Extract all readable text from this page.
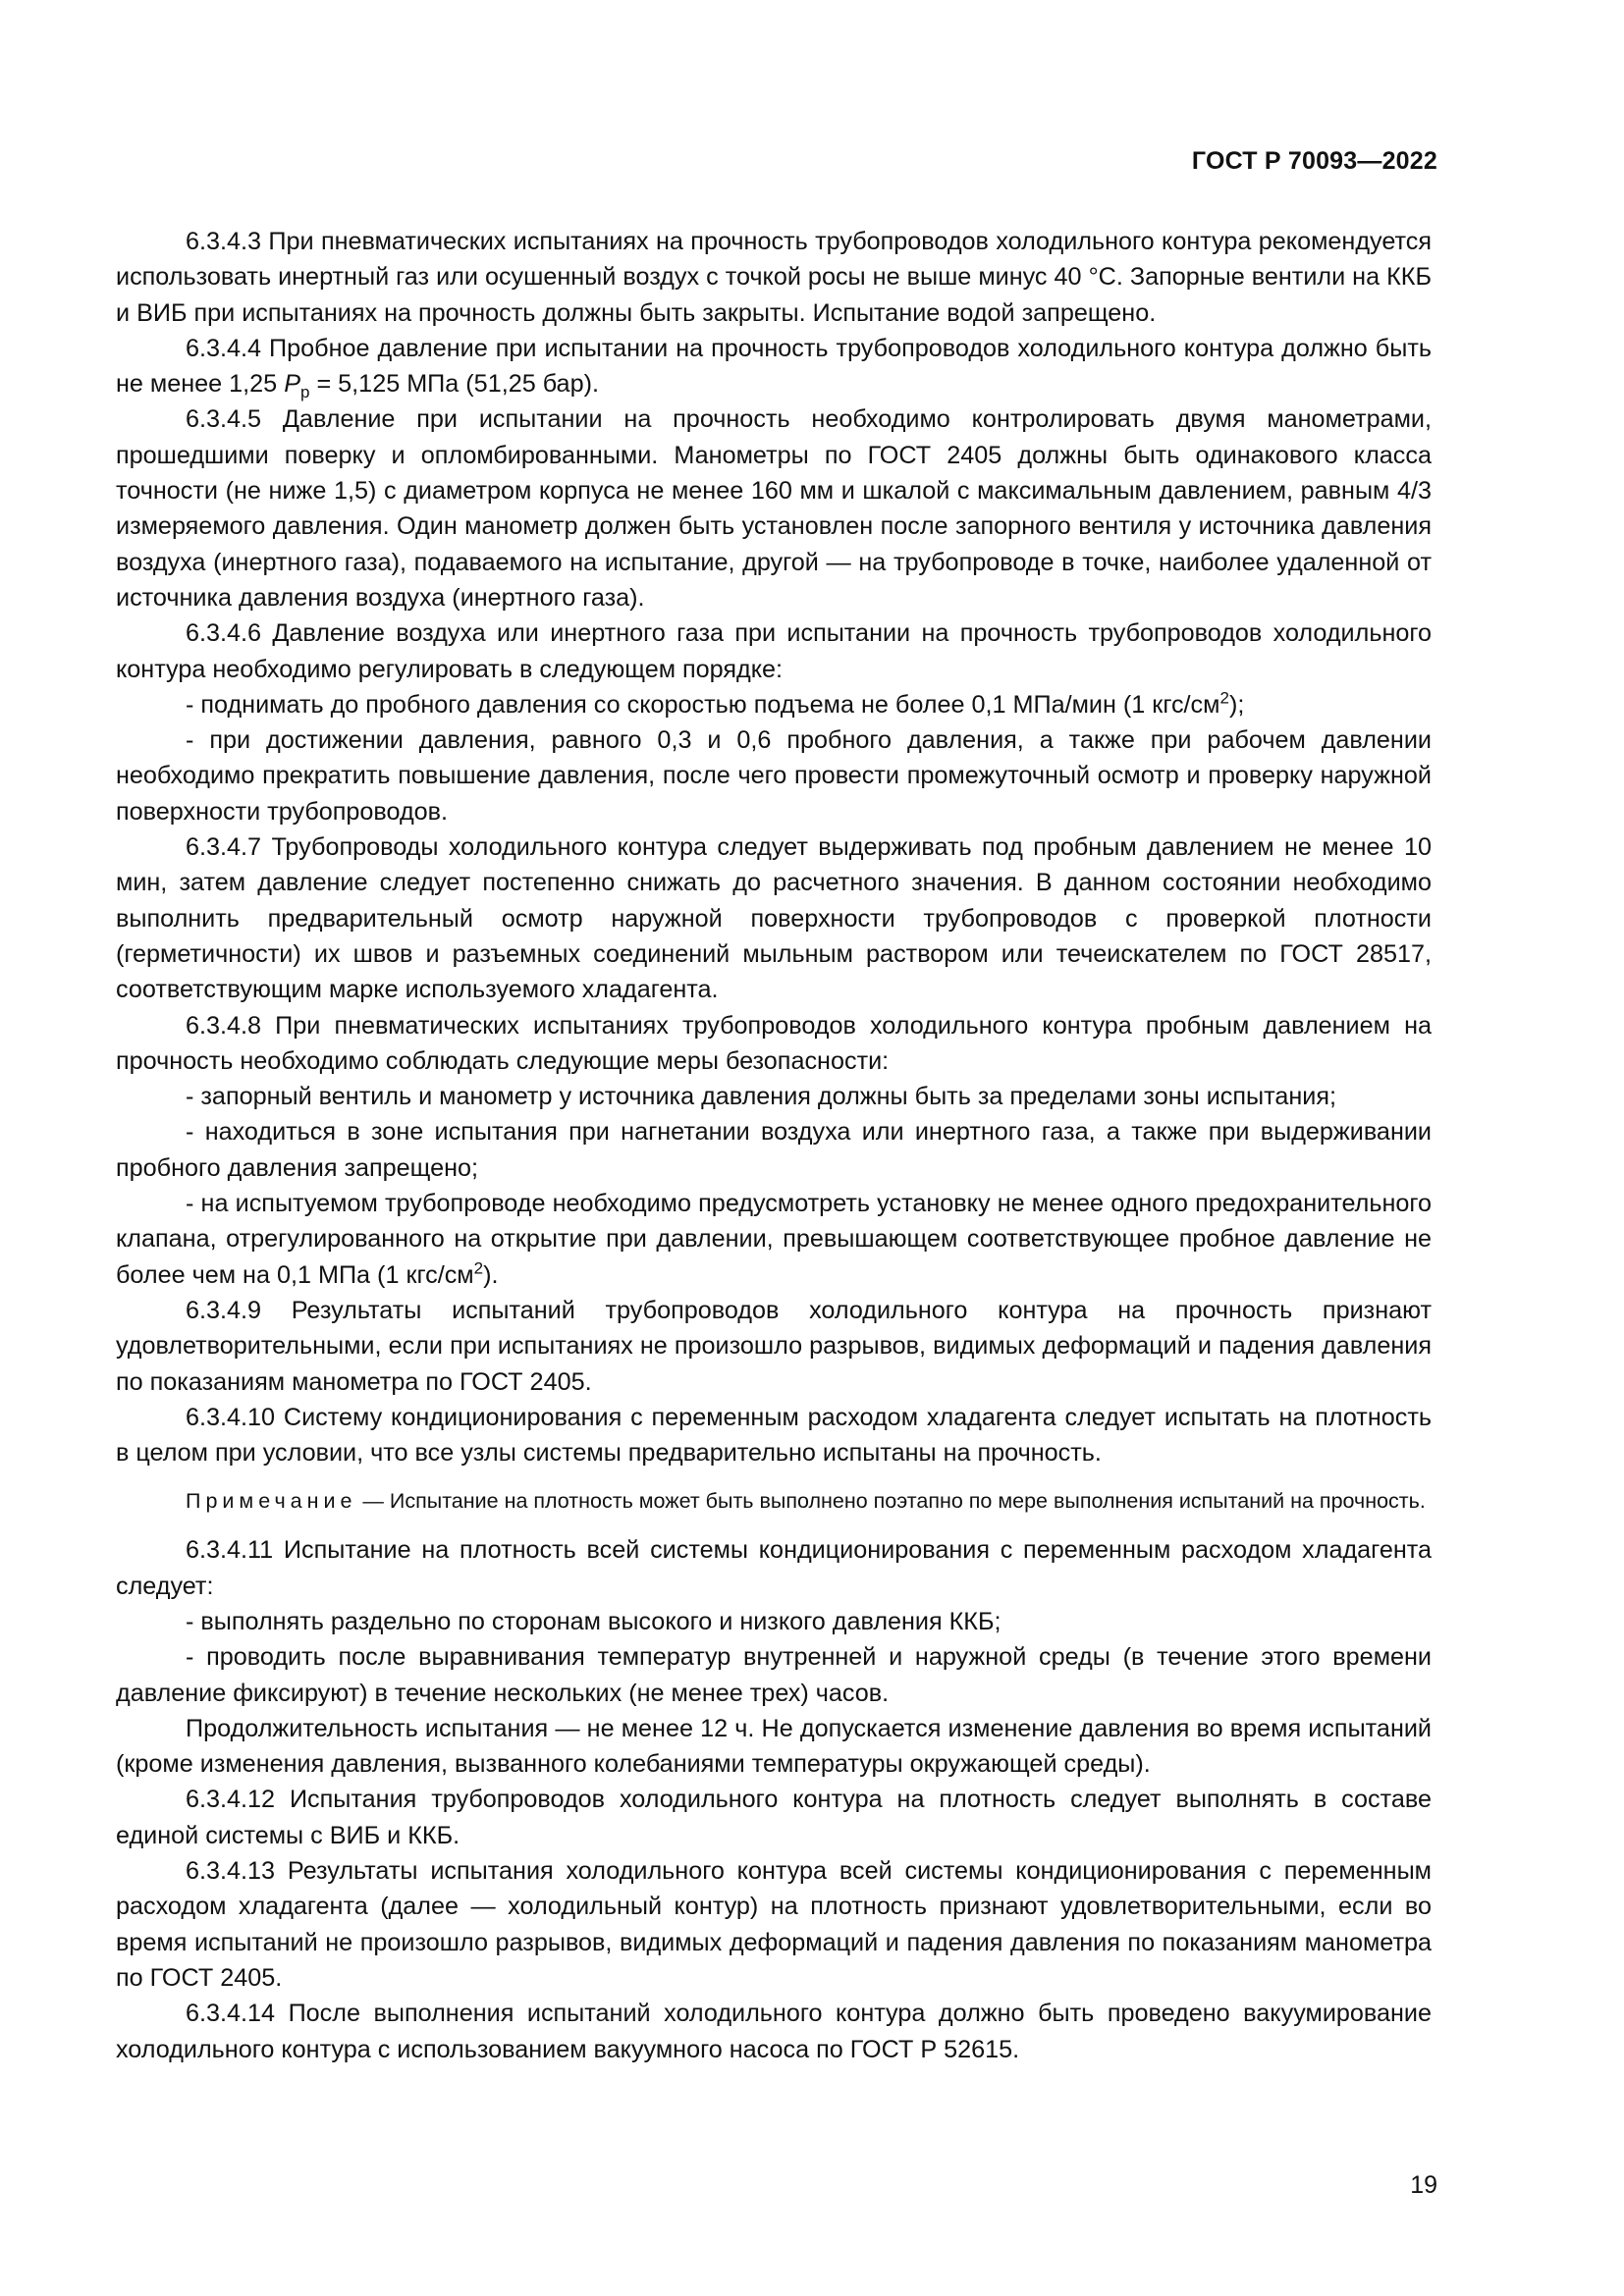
ГОСТ Р 70093—2022

6.3.4.3 При пневматических испытаниях на прочность трубопроводов холодильного контура рекомендуется использовать инертный газ или осушенный воздух с точкой росы не выше минус 40 °С. Запорные вентили на ККБ и ВИБ при испытаниях на прочность должны быть закрыты. Испытание водой запрещено.

6.3.4.4 Пробное давление при испытании на прочность трубопроводов холодильного контура должно быть не менее 1,25 $P_p = 5,125$ МПа (51,25 бар).

6.3.4.5 Давление при испытании на прочность необходимо контролировать двумя манометрами, прошедшими поверку и опломбированными. Манометры по ГОСТ 2405 должны быть одинакового класса точности (не ниже 1,5) с диаметром корпуса не менее 160 мм и шкалой с максимальным давлением, равным 4/3 измеряемого давления. Один манометр должен быть установлен после запорного вентиля у источника давления воздуха (инертного газа), подаваемого на испытание, другой — на трубопроводе в точке, наиболее удаленной от источника давления воздуха (инертного газа).

6.3.4.6 Давление воздуха или инертного газа при испытании на прочность трубопроводов холодильного контура необходимо регулировать в следующем порядке:

- поднимать до пробного давления со скоростью подъема не более 0,1 МПа/мин (1 кгс/$см^2$);

- при достижении давления, равного 0,3 и 0,6 пробного давления, а также при рабочем давлении необходимо прекратить повышение давления, после чего провести промежуточный осмотр и проверку наружной поверхности трубопроводов.

6.3.4.7 Трубопроводы холодильного контура следует выдерживать под пробным давлением не менее 10 мин, затем давление следует постепенно снижать до расчетного значения. В данном состоянии необходимо выполнить предварительный осмотр наружной поверхности трубопроводов с проверкой плотности (герметичности) их швов и разъемных соединений мыльным раствором или течеискателем по ГОСТ 28517, соответствующим марке используемого хладагента.

6.3.4.8 При пневматических испытаниях трубопроводов холодильного контура пробным давлением на прочность необходимо соблюдать следующие меры безопасности:

- запорный вентиль и манометр у источника давления должны быть за пределами зоны испытания;

- находиться в зоне испытания при нагнетании воздуха или инертного газа, а также при выдерживании пробного давления запрещено;

- на испытуемом трубопроводе необходимо предусмотреть установку не менее одного предохранительного клапана, отрегулированного на открытие при давлении, превышающем соответствующее пробное давление не более чем на 0,1 МПа (1 кгс/$см^2$).

6.3.4.9 Результаты испытаний трубопроводов холодильного контура на прочность признают удовлетворительными, если при испытаниях не произошло разрывов, видимых деформаций и падения давления по показаниям манометра по ГОСТ 2405.

6.3.4.10 Систему кондиционирования с переменным расходом хладагента следует испытать на плотность в целом при условии, что все узлы системы предварительно испытаны на прочность.

Примечание — Испытание на плотность может быть выполнено поэтапно по мере выполнения испытаний на прочность.

6.3.4.11 Испытание на плотность всей системы кондиционирования с переменным расходом хладагента следует:

- выполнять раздельно по сторонам высокого и низкого давления ККБ;

- проводить после выравнивания температур внутренней и наружной среды (в течение этого времени давление фиксируют) в течение нескольких (не менее трех) часов.

Продолжительность испытания — не менее 12 ч. Не допускается изменение давления во время испытаний (кроме изменения давления, вызванного колебаниями температуры окружающей среды).

6.3.4.12 Испытания трубопроводов холодильного контура на плотность следует выполнять в составе единой системы с ВИБ и ККБ.

6.3.4.13 Результаты испытания холодильного контура всей системы кондиционирования с переменным расходом хладагента (далее — холодильный контур) на плотность признают удовлетворительными, если во время испытаний не произошло разрывов, видимых деформаций и падения давления по показаниям манометра по ГОСТ 2405.

6.3.4.14 После выполнения испытаний холодильного контура должно быть проведено вакуумирование холодильного контура с использованием вакуумного насоса по ГОСТ Р 52615.

19
